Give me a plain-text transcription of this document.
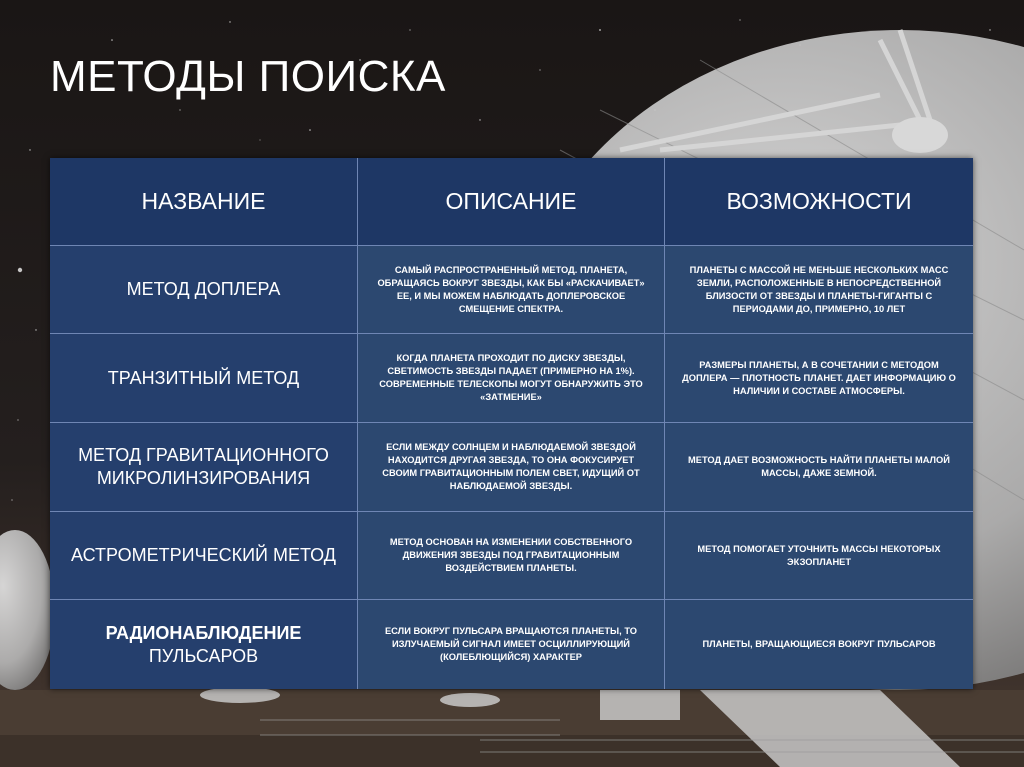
МЕТОДЫ ПОИСКА
НАЗВАНИЕ	ОПИСАНИЕ	ВОЗМОЖНОСТИ
МЕТОД ДОПЛЕРА
САМЫЙ РАСПРОСТРАНЕННЫЙ МЕТОД. ПЛАНЕТА, ОБРАЩАЯСЬ ВОКРУГ ЗВЕЗДЫ, КАК БЫ «РАСКАЧИВАЕТ» ЕЕ, И МЫ МОЖЕМ НАБЛЮДАТЬ ДОПЛЕРОВСКОЕ СМЕЩЕНИЕ СПЕКТРА.
ПЛАНЕТЫ С МАССОЙ НЕ МЕНЬШЕ НЕСКОЛЬКИХ МАСС ЗЕМЛИ, РАСПОЛОЖЕННЫЕ В НЕПОСРЕДСТВЕННОЙ БЛИЗОСТИ ОТ ЗВЕЗДЫ И ПЛАНЕТЫ-ГИГАНТЫ С ПЕРИОДАМИ ДО, ПРИМЕРНО, 10 ЛЕТ
ТРАНЗИТНЫЙ МЕТОД
КОГДА ПЛАНЕТА ПРОХОДИТ ПО ДИСКУ ЗВЕЗДЫ, СВЕТИМОСТЬ ЗВЕЗДЫ ПАДАЕТ (ПРИМЕРНО НА 1%). СОВРЕМЕННЫЕ ТЕЛЕСКОПЫ МОГУТ ОБНАРУЖИТЬ ЭТО «ЗАТМЕНИЕ»
РАЗМЕРЫ ПЛАНЕТЫ, А В СОЧЕТАНИИ С МЕТОДОМ ДОПЛЕРА — ПЛОТНОСТЬ ПЛАНЕТ. ДАЕТ ИНФОРМАЦИЮ О НАЛИЧИИ И СОСТАВЕ АТМОСФЕРЫ.
МЕТОД ГРАВИТАЦИОННОГО МИКРОЛИНЗИРОВАНИЯ
ЕСЛИ МЕЖДУ СОЛНЦЕМ И НАБЛЮДАЕМОЙ ЗВЕЗДОЙ НАХОДИТСЯ ДРУГАЯ ЗВЕЗДА, ТО ОНА ФОКУСИРУЕТ СВОИМ ГРАВИТАЦИОННЫМ ПОЛЕМ СВЕТ, ИДУЩИЙ ОТ НАБЛЮДАЕМОЙ ЗВЕЗДЫ.
МЕТОД ДАЕТ ВОЗМОЖНОСТЬ НАЙТИ ПЛАНЕТЫ МАЛОЙ МАССЫ, ДАЖЕ ЗЕМНОЙ.
АСТРОМЕТРИЧЕСКИЙ МЕТОД
МЕТОД ОСНОВАН НА ИЗМЕНЕНИИ СОБСТВЕННОГО ДВИЖЕНИЯ ЗВЕЗДЫ ПОД ГРАВИТАЦИОННЫМ ВОЗДЕЙСТВИЕМ ПЛАНЕТЫ.
МЕТОД ПОМОГАЕТ УТОЧНИТЬ МАССЫ НЕКОТОРЫХ ЭКЗОПЛАНЕТ
РАДИОНАБЛЮДЕНИЕ
ПУЛЬСАРОВ
ЕСЛИ ВОКРУГ ПУЛЬСАРА ВРАЩАЮТСЯ ПЛАНЕТЫ, ТО ИЗЛУЧАЕМЫЙ СИГНАЛ ИМЕЕТ ОСЦИЛЛИРУЮЩИЙ (КОЛЕБЛЮЩИЙСЯ) ХАРАКТЕР
ПЛАНЕТЫ, ВРАЩАЮЩИЕСЯ ВОКРУГ ПУЛЬСАРОВ
